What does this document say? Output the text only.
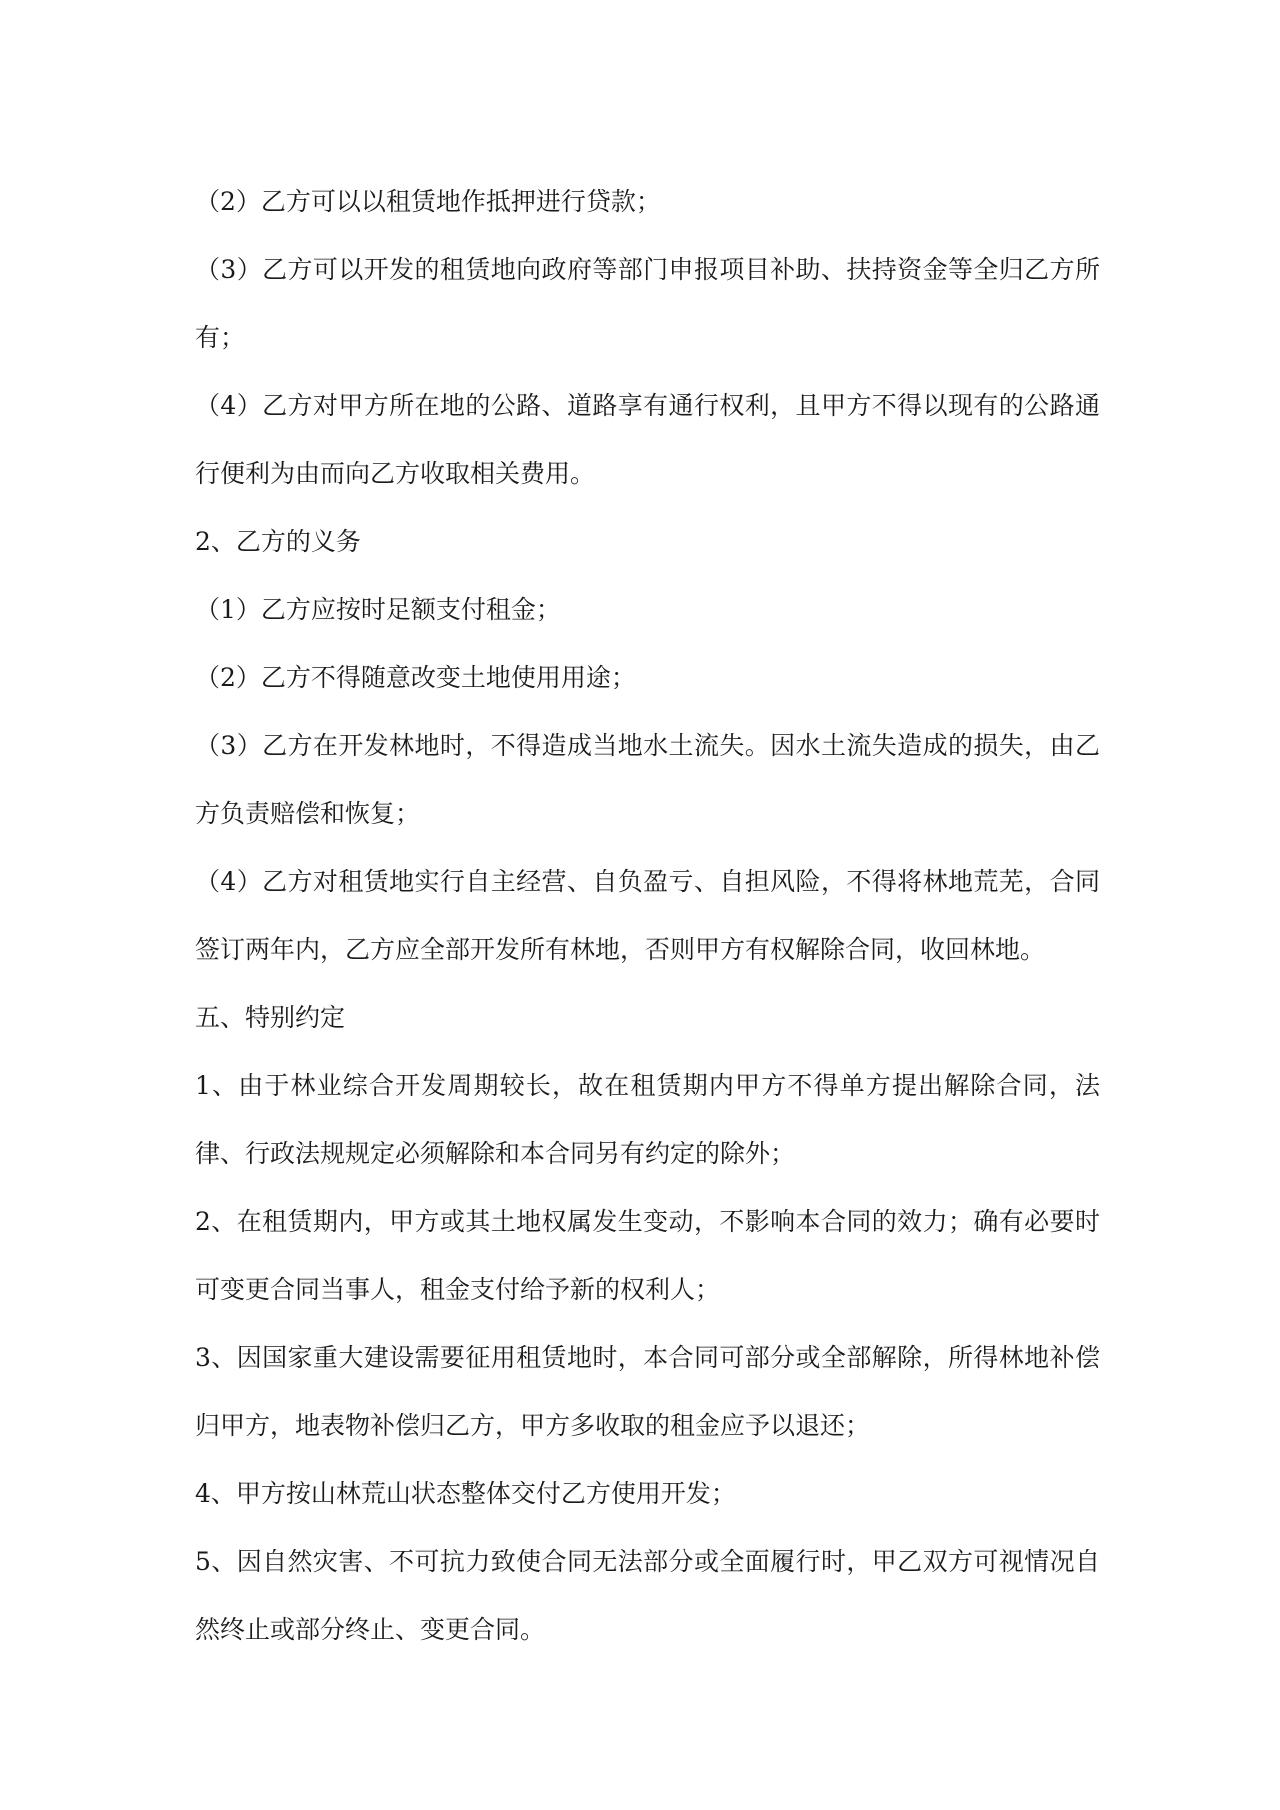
（2）乙方可以以租赁地作抵押进行贷款；

（3）乙方可以开发的租赁地向政府等部门申报项目补助、扶持资金等全归乙方所有；

（4）乙方对甲方所在地的公路、道路享有通行权利，且甲方不得以现有的公路通行便利为由而向乙方收取相关费用。

2、乙方的义务

（1）乙方应按时足额支付租金；

（2）乙方不得随意改变土地使用用途；

（3）乙方在开发林地时，不得造成当地水土流失。因水土流失造成的损失，由乙方负责赔偿和恢复；

（4）乙方对租赁地实行自主经营、自负盈亏、自担风险，不得将林地荒芜，合同签订两年内，乙方应全部开发所有林地，否则甲方有权解除合同，收回林地。

五、特别约定

1、由于林业综合开发周期较长，故在租赁期内甲方不得单方提出解除合同，法律、行政法规规定必须解除和本合同另有约定的除外；

2、在租赁期内，甲方或其土地权属发生变动，不影响本合同的效力；确有必要时可变更合同当事人，租金支付给予新的权利人；

3、因国家重大建设需要征用租赁地时，本合同可部分或全部解除，所得林地补偿归甲方，地表物补偿归乙方，甲方多收取的租金应予以退还；

4、甲方按山林荒山状态整体交付乙方使用开发；

5、因自然灾害、不可抗力致使合同无法部分或全面履行时，甲乙双方可视情况自然终止或部分终止、变更合同。
